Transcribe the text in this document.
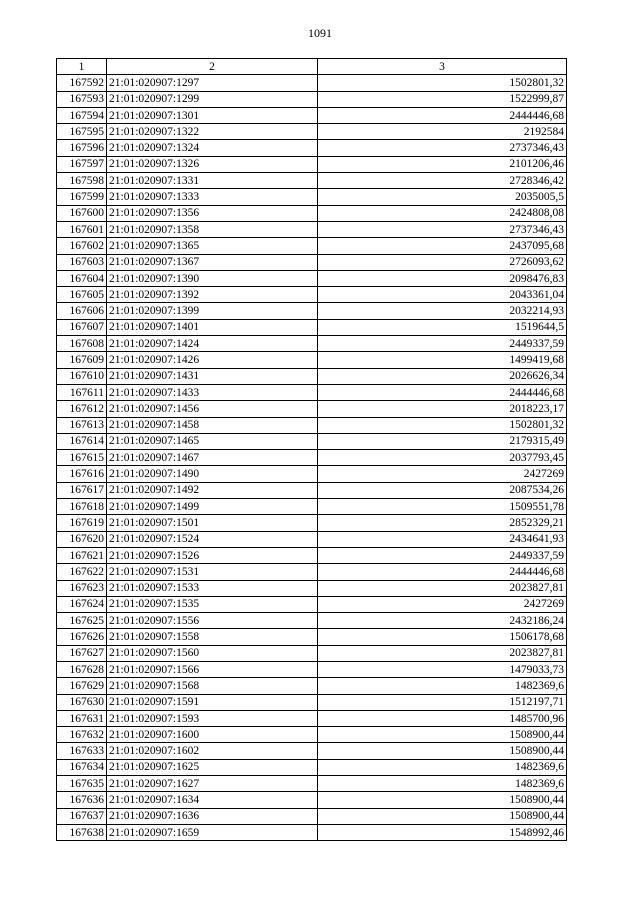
1091
1	2	3
167592	21:01:020907:1297	1502801,32
167593	21:01:020907:1299	1522999,87
167594	21:01:020907:1301	2444446,68
167595	21:01:020907:1322	2192584
167596	21:01:020907:1324	2737346,43
167597	21:01:020907:1326	2101206,46
167598	21:01:020907:1331	2728346,42
167599	21:01:020907:1333	2035005,5
167600	21:01:020907:1356	2424808,08
167601	21:01:020907:1358	2737346,43
167602	21:01:020907:1365	2437095,68
167603	21:01:020907:1367	2726093,62
167604	21:01:020907:1390	2098476,83
167605	21:01:020907:1392	2043361,04
167606	21:01:020907:1399	2032214,93
167607	21:01:020907:1401	1519644,5
167608	21:01:020907:1424	2449337,59
167609	21:01:020907:1426	1499419,68
167610	21:01:020907:1431	2026626,34
167611	21:01:020907:1433	2444446,68
167612	21:01:020907:1456	2018223,17
167613	21:01:020907:1458	1502801,32
167614	21:01:020907:1465	2179315,49
167615	21:01:020907:1467	2037793,45
167616	21:01:020907:1490	2427269
167617	21:01:020907:1492	2087534,26
167618	21:01:020907:1499	1509551,78
167619	21:01:020907:1501	2852329,21
167620	21:01:020907:1524	2434641,93
167621	21:01:020907:1526	2449337,59
167622	21:01:020907:1531	2444446,68
167623	21:01:020907:1533	2023827,81
167624	21:01:020907:1535	2427269
167625	21:01:020907:1556	2432186,24
167626	21:01:020907:1558	1506178,68
167627	21:01:020907:1560	2023827,81
167628	21:01:020907:1566	1479033,73
167629	21:01:020907:1568	1482369,6
167630	21:01:020907:1591	1512197,71
167631	21:01:020907:1593	1485700,96
167632	21:01:020907:1600	1508900,44
167633	21:01:020907:1602	1508900,44
167634	21:01:020907:1625	1482369,6
167635	21:01:020907:1627	1482369,6
167636	21:01:020907:1634	1508900,44
167637	21:01:020907:1636	1508900,44
167638	21:01:020907:1659	1548992,46
